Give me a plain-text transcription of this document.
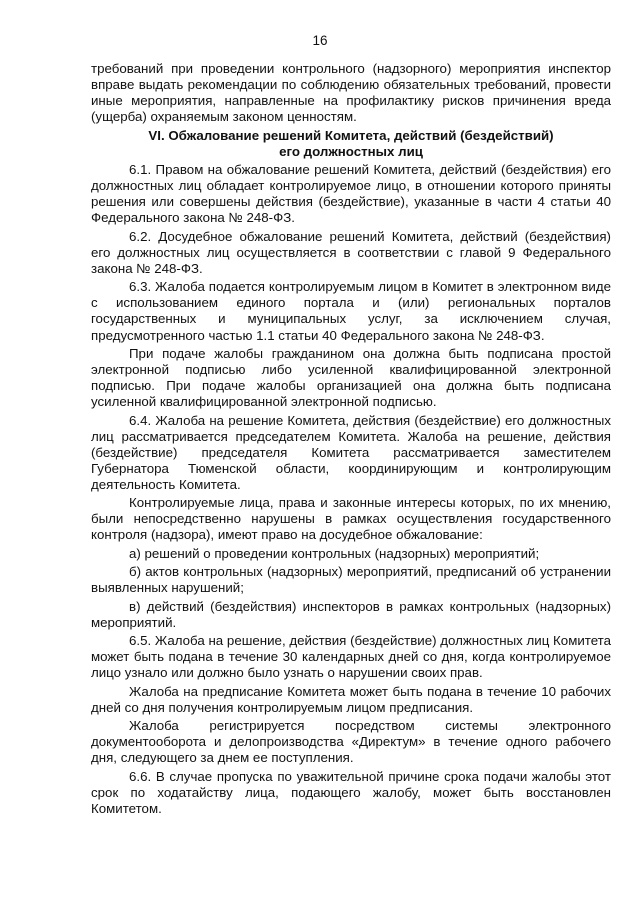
16

требований при проведении контрольного (надзорного) мероприятия инспектор вправе выдать рекомендации по соблюдению обязательных требований, провести иные мероприятия, направленные на профилактику рисков причинения вреда (ущерба) охраняемым законом ценностям.

VI. Обжалование решений Комитета, действий (бездействий)
его должностных лиц

6.1. Правом на обжалование решений Комитета, действий (бездействия) его должностных лиц обладает контролируемое лицо, в отношении которого приняты решения или совершены действия (бездействие), указанные в части 4 статьи 40 Федерального закона № 248-ФЗ.

6.2. Досудебное обжалование решений Комитета, действий (бездействия) его должностных лиц осуществляется в соответствии с главой 9 Федерального закона № 248-ФЗ.

6.3. Жалоба подается контролируемым лицом в Комитет в электронном виде с использованием единого портала и (или) региональных порталов государственных и муниципальных услуг, за исключением случая, предусмотренного частью 1.1 статьи 40 Федерального закона № 248-ФЗ.

При подаче жалобы гражданином она должна быть подписана простой электронной подписью либо усиленной квалифицированной электронной подписью. При подаче жалобы организацией она должна быть подписана усиленной квалифицированной электронной подписью.

6.4. Жалоба на решение Комитета, действия (бездействие) его должностных лиц рассматривается председателем Комитета. Жалоба на решение, действия (бездействие) председателя Комитета рассматривается заместителем Губернатора Тюменской области, координирующим и контролирующим деятельность Комитета.

Контролируемые лица, права и законные интересы которых, по их мнению, были непосредственно нарушены в рамках осуществления государственного контроля (надзора), имеют право на досудебное обжалование:

а) решений о проведении контрольных (надзорных) мероприятий;

б) актов контрольных (надзорных) мероприятий, предписаний об устранении выявленных нарушений;

в) действий (бездействия) инспекторов в рамках контрольных (надзорных) мероприятий.

6.5. Жалоба на решение, действия (бездействие) должностных лиц Комитета может быть подана в течение 30 календарных дней со дня, когда контролируемое лицо узнало или должно было узнать о нарушении своих прав.

Жалоба на предписание Комитета может быть подана в течение 10 рабочих дней со дня получения контролируемым лицом предписания.

Жалоба регистрируется посредством системы электронного документооборота и делопроизводства «Директум» в течение одного рабочего дня, следующего за днем ее поступления.

6.6. В случае пропуска по уважительной причине срока подачи жалобы этот срок по ходатайству лица, подающего жалобу, может быть восстановлен Комитетом.
